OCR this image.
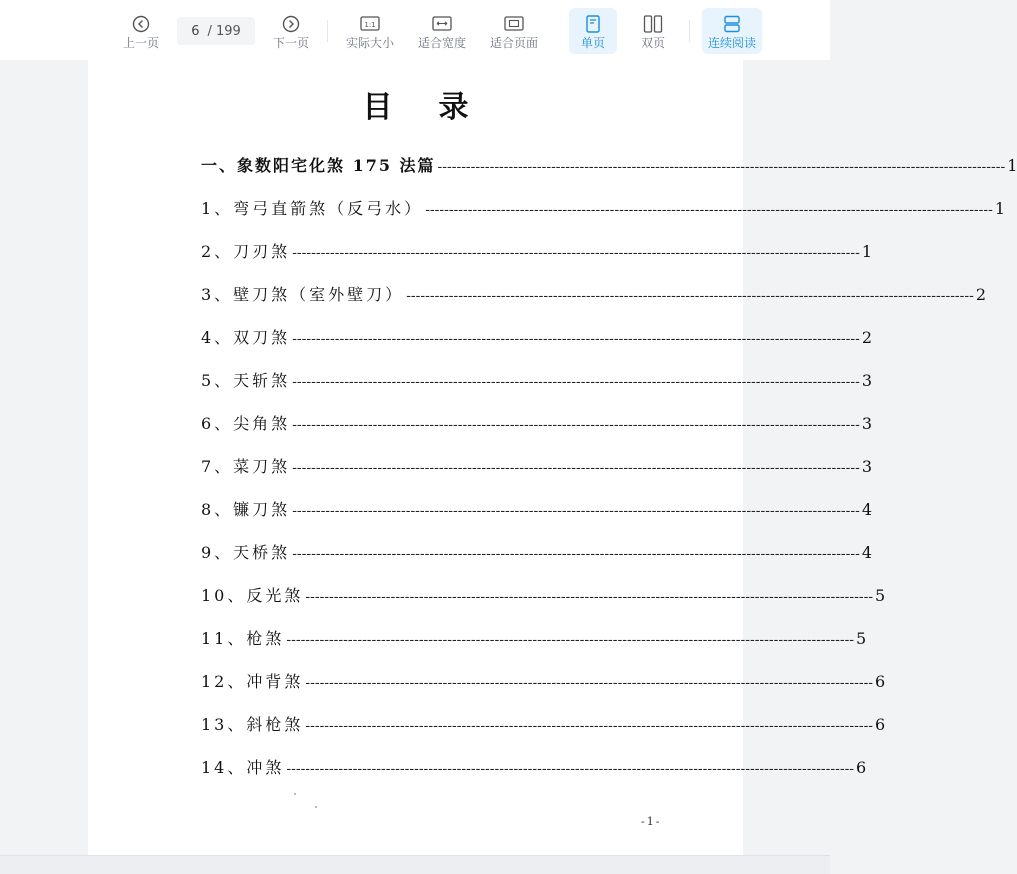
上一页
6 / 199
下一页
1:1
实际大小 适合宽度 适合页面	单页	双页	连续阅读
目录
一、象数阳宅化煞 175 法篇 ------------------------------------------------------------------------------------------------------------------------ 1
1、弯弓直箭煞（反弓水） ------------------------------------------------------------------------------------------------------------------------ 1
2、刀刃煞 ------------------------------------------------------------------------------------------------------------------------ 1
3、壁刀煞（室外壁刀） ------------------------------------------------------------------------------------------------------------------------ 2
4、双刀煞 ------------------------------------------------------------------------------------------------------------------------ 2
5、天斩煞 ------------------------------------------------------------------------------------------------------------------------ 3
6、尖角煞 ------------------------------------------------------------------------------------------------------------------------ 3
7、菜刀煞 ------------------------------------------------------------------------------------------------------------------------ 3
8、镰刀煞 ------------------------------------------------------------------------------------------------------------------------ 4
9、天桥煞 ------------------------------------------------------------------------------------------------------------------------ 4
10、反光煞 ------------------------------------------------------------------------------------------------------------------------ 5
11、枪煞 ------------------------------------------------------------------------------------------------------------------------ 5
12、冲背煞 ------------------------------------------------------------------------------------------------------------------------ 6
13、斜枪煞 ------------------------------------------------------------------------------------------------------------------------ 6
14、冲煞 ------------------------------------------------------------------------------------------------------------------------ 6
-1-
